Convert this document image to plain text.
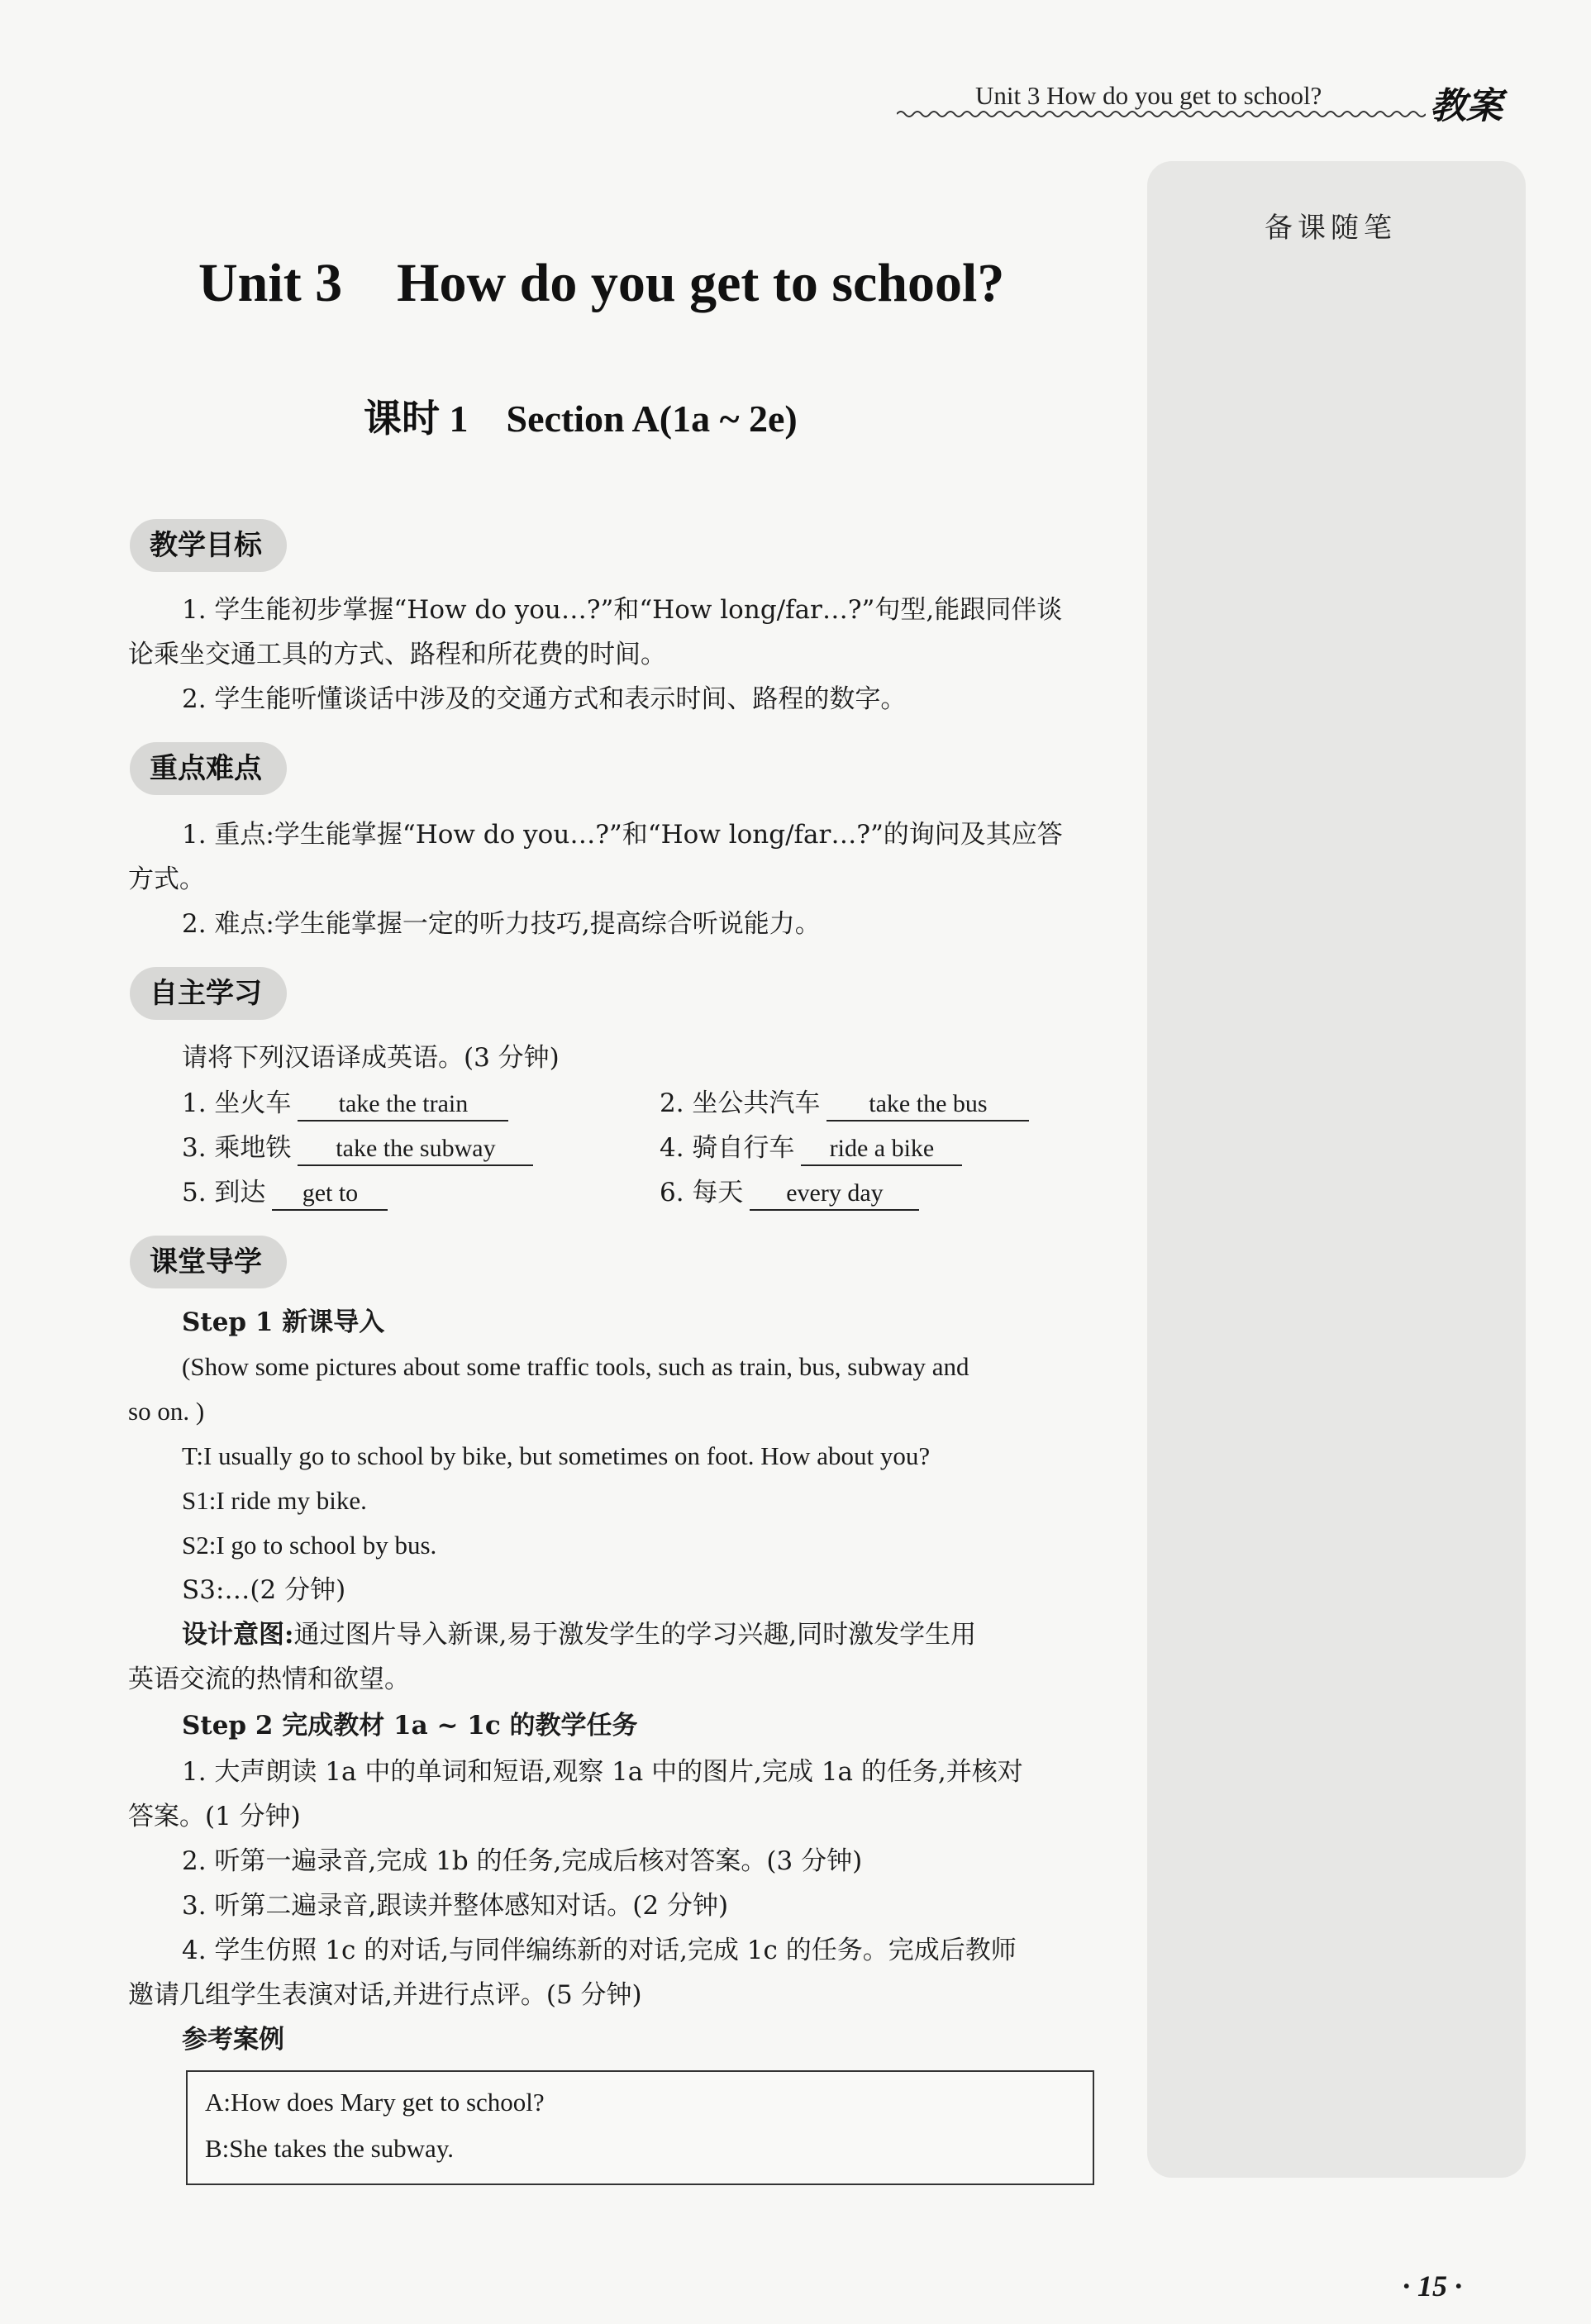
Unit 3 How do you get to school?	教案
备课随笔
Unit 3    How do you get to school?
课时 1    Section A(1a ~ 2e)
教学目标
1. 学生能初步掌握“How do you…?”和“How long/far…?”句型,能跟同伴谈
论乘坐交通工具的方式、路程和所花费的时间。
2. 学生能听懂谈话中涉及的交通方式和表示时间、路程的数字。
重点难点
1. 重点:学生能掌握“How do you…?”和“How long/far…?”的询问及其应答
方式。
2. 难点:学生能掌握一定的听力技巧,提高综合听说能力。
自主学习
请将下列汉语译成英语。(3 分钟)
1. 坐火车 take the train	2. 坐公共汽车 take the bus
3. 乘地铁 take the subway	4. 骑自行车 ride a bike
5. 到达 get to	6. 每天 every day
课堂导学
Step 1 新课导入
(Show some pictures about some traffic tools, such as train, bus, subway and
so on. )
T:I usually go to school by bike, but sometimes on foot. How about you?
S1:I ride my bike.
S2:I go to school by bus.
S3:…(2 分钟)
设计意图:通过图片导入新课,易于激发学生的学习兴趣,同时激发学生用
英语交流的热情和欲望。
Step 2 完成教材 1a ~ 1c 的教学任务
1. 大声朗读 1a 中的单词和短语,观察 1a 中的图片,完成 1a 的任务,并核对
答案。(1 分钟)
2. 听第一遍录音,完成 1b 的任务,完成后核对答案。(3 分钟)
3. 听第二遍录音,跟读并整体感知对话。(2 分钟)
4. 学生仿照 1c 的对话,与同伴编练新的对话,完成 1c 的任务。完成后教师
邀请几组学生表演对话,并进行点评。(5 分钟)
参考案例
A:How does Mary get to school?
B:She takes the subway.
· 15 ·
